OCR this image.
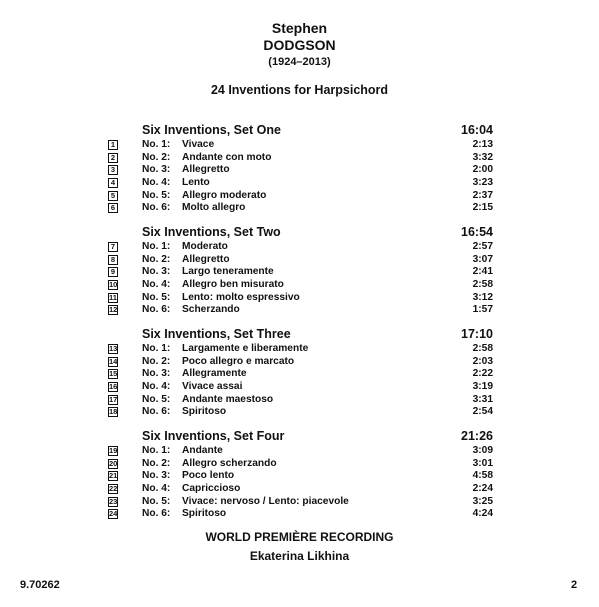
Stephen
DODGSON
(1924–2013)
24 Inventions for Harpsichord
Six Inventions, Set One	16:04
1	No. 1: Vivace	2:13
2	No. 2: Andante con moto	3:32
3	No. 3: Allegretto	2:00
4	No. 4: Lento	3:23
5	No. 5: Allegro moderato	2:37
6	No. 6: Molto allegro	2:15
Six Inventions, Set Two	16:54
7	No. 1: Moderato	2:57
8	No. 2: Allegretto	3:07
9	No. 3: Largo teneramente	2:41
10 No. 4: Allegro ben misurato	2:58
11 No. 5: Lento: molto espressivo	3:12
12 No. 6: Scherzando	1:57
Six Inventions, Set Three	17:10
13 No. 1: Largamente e liberamente	2:58
14 No. 2: Poco allegro e marcato	2:03
15 No. 3: Allegramente	2:22
16 No. 4: Vivace assai	3:19
17 No. 5: Andante maestoso	3:31
18 No. 6: Spiritoso	2:54
Six Inventions, Set Four	21:26
19 No. 1: Andante	3:09
20 No. 2: Allegro scherzando	3:01
21 No. 3: Poco lento	4:58
22 No. 4: Capriccioso	2:24
23 No. 5: Vivace: nervoso / Lento: piacevole	3:25
24 No. 6: Spiritoso	4:24
WORLD PREMIÈRE RECORDING
Ekaterina Likhina
9.70262	2
